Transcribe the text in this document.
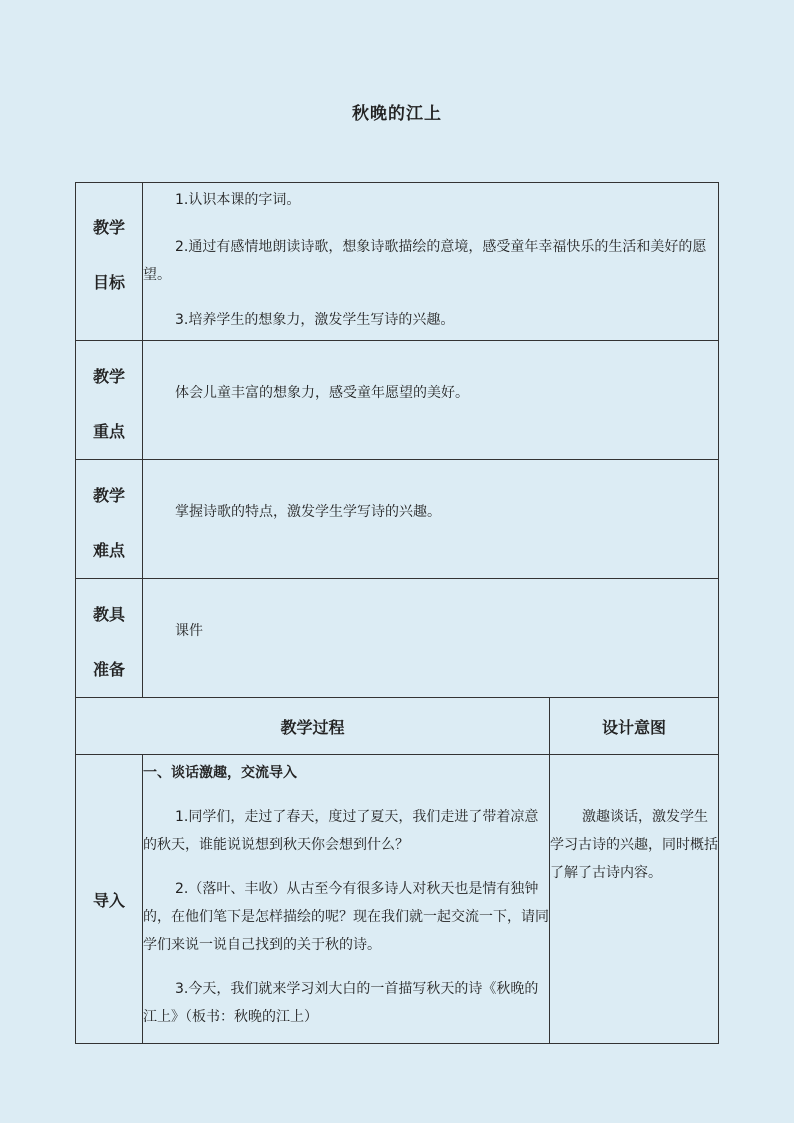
秋晚的江上
教学目标	1.认识本课的字词。

2.通过有感情地朗读诗歌，想象诗歌描绘的意境，感受童年幸福快乐的生活和美好的愿望。

3.培养学生的想象力，激发学生写诗的兴趣。	

教学重点	体会儿童丰富的想象力，感受童年愿望的美好。	

教学难点	掌握诗歌的特点，激发学生学写诗的兴趣。	

教具准备	课件	

教学过程		设计意图
导入	一、谈话激趣，交流导入

1.同学们，走过了春天，度过了夏天，我们走进了带着凉意的秋天，谁能说说想到秋天你会想到什么？

2.（落叶、丰收）从古至今有很多诗人对秋天也是情有独钟的，在他们笔下是怎样描绘的呢？现在我们就一起交流一下，请同学们来说一说自己找到的关于秋的诗。

3.今天，我们就来学习刘大白的一首描写秋天的诗《秋晚的江上》（板书：秋晚的江上）	激趣谈话，激发学生学习古诗的兴趣，同时概括了解了古诗内容。
